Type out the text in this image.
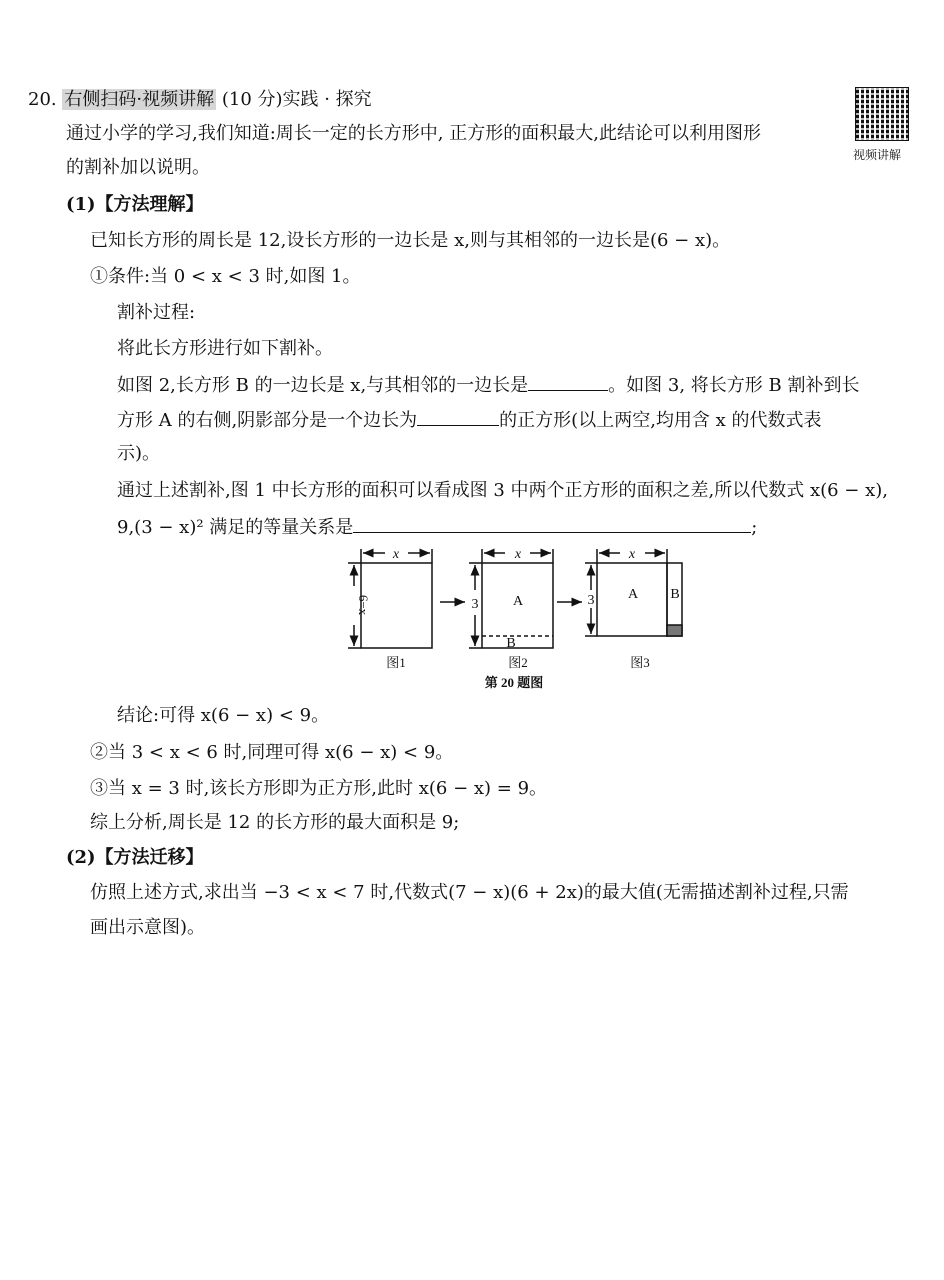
20. 右侧扫码·视频讲解 (10 分)实践 · 探究
视频讲解
通过小学的学习,我们知道:周长一定的长方形中, 正方形的面积最大,此结论可以利用图形
的割补加以说明。
(1)【方法理解】
已知长方形的周长是 12,设长方形的一边长是 x,则与其相邻的一边长是(6 − x)。
①条件:当 0 < x < 3 时,如图 1。
割补过程:
将此长方形进行如下割补。
如图 2,长方形 B 的一边长是 x,与其相邻的一边长是	。如图 3, 将长方形 B 割补到长
方形 A 的右侧,阴影部分是一个边长为	的正方形(以上两空,均用含 x 的代数式表
示)。
通过上述割补,图 1 中长方形的面积可以看成图 3 中两个正方形的面积之差,所以代数式 x(6 − x),
9,(3 − x)² 满足的等量关系是	;
x	x	x
6−x	3	3
A
B
A B
图1	图2	图3
第 20 题图
结论:可得 x(6 − x) < 9。
②当 3 < x < 6 时,同理可得 x(6 − x) < 9。
③当 x = 3 时,该长方形即为正方形,此时 x(6 − x) = 9。
综上分析,周长是 12 的长方形的最大面积是 9;
(2)【方法迁移】
仿照上述方式,求出当 −3 < x < 7 时,代数式(7 − x)(6 + 2x)的最大值(无需描述割补过程,只需
画出示意图)。
